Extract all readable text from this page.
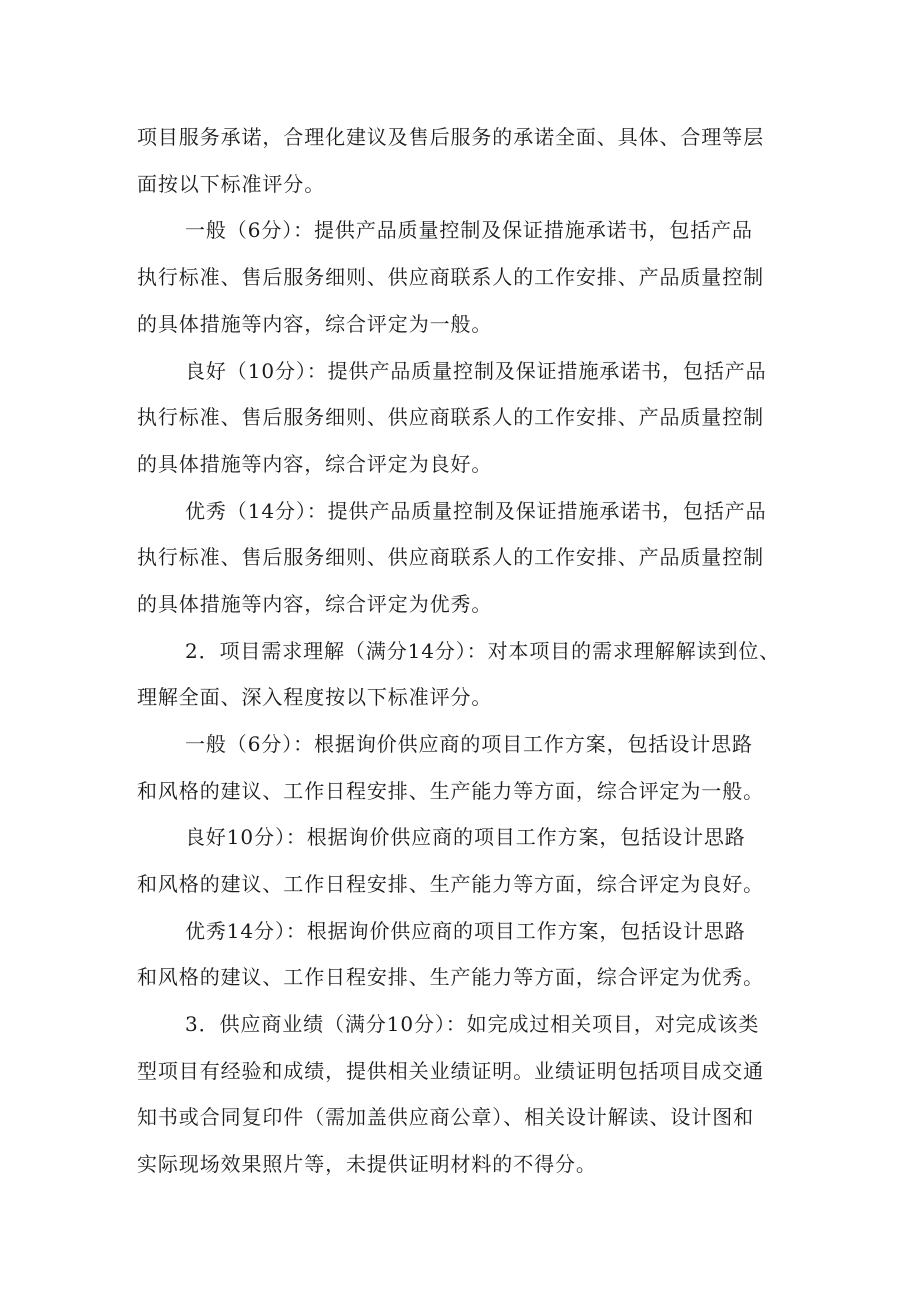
项目服务承诺，合理化建议及售后服务的承诺全面、具体、合理等层
面按以下标准评分。
一般（6分）：提供产品质量控制及保证措施承诺书，包括产品
执行标准、售后服务细则、供应商联系人的工作安排、产品质量控制
的具体措施等内容，综合评定为一般。
良好（10分）：提供产品质量控制及保证措施承诺书，包括产品
执行标准、售后服务细则、供应商联系人的工作安排、产品质量控制
的具体措施等内容，综合评定为良好。
优秀（14分）：提供产品质量控制及保证措施承诺书，包括产品
执行标准、售后服务细则、供应商联系人的工作安排、产品质量控制
的具体措施等内容，综合评定为优秀。
2．项目需求理解（满分14分）：对本项目的需求理解解读到位、
理解全面、深入程度按以下标准评分。
一般（6分）：根据询价供应商的项目工作方案，包括设计思路
和风格的建议、工作日程安排、生产能力等方面，综合评定为一般。
良好10分）：根据询价供应商的项目工作方案，包括设计思路
和风格的建议、工作日程安排、生产能力等方面，综合评定为良好。
优秀14分）：根据询价供应商的项目工作方案，包括设计思路
和风格的建议、工作日程安排、生产能力等方面，综合评定为优秀。
3．供应商业绩（满分10分）：如完成过相关项目，对完成该类
型项目有经验和成绩，提供相关业绩证明。业绩证明包括项目成交通
知书或合同复印件（需加盖供应商公章）、相关设计解读、设计图和
实际现场效果照片等，未提供证明材料的不得分。
